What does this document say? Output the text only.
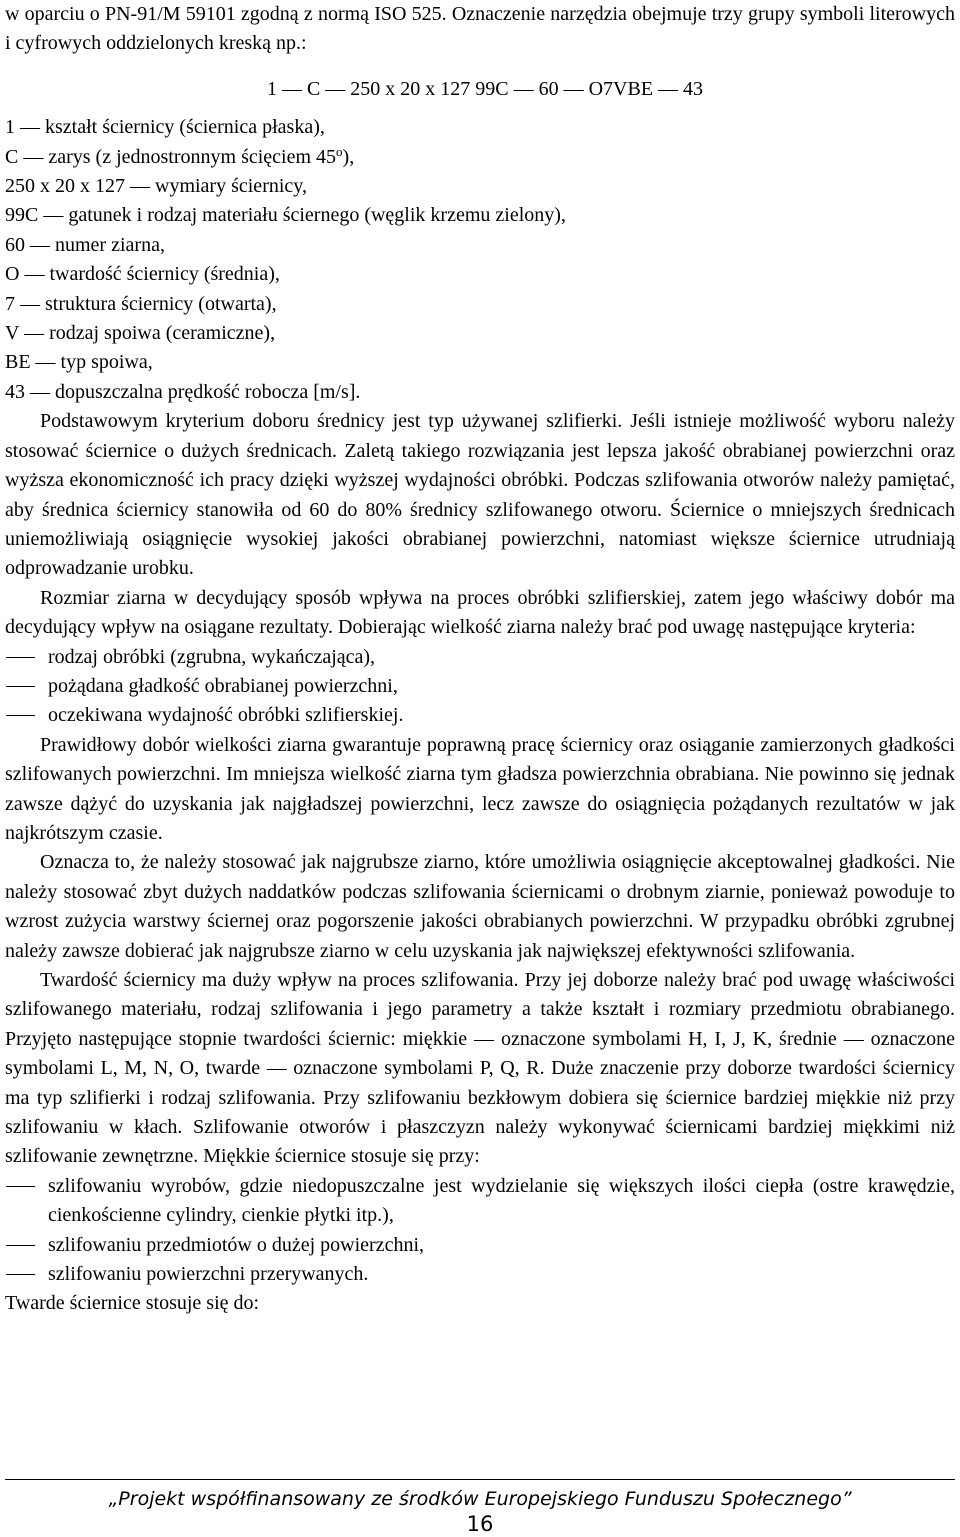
w oparciu o PN-91/M 59101 zgodną z normą ISO 525. Oznaczenie narzędzia obejmuje trzy grupy symboli literowych i cyfrowych oddzielonych kreską np.:

1 — C — 250 x 20 x 127 99C — 60 — O7VBE — 43

1 — kształt ściernicy (ściernica płaska),

C — zarys (z jednostronnym ścięciem 45$^o$),

250 x 20 x 127 — wymiary ściernicy,

99C — gatunek i rodzaj materiału ściernego (węglik krzemu zielony),

60 — numer ziarna,

O — twardość ściernicy (średnia),

7 — struktura ściernicy (otwarta),

V — rodzaj spoiwa (ceramiczne),

BE — typ spoiwa,

43 — dopuszczalna prędkość robocza [m/s].

Podstawowym kryterium doboru średnicy jest typ używanej szlifierki. Jeśli istnieje możliwość wyboru należy stosować ściernice o dużych średnicach. Zaletą takiego rozwiązania jest lepsza jakość obrabianej powierzchni oraz wyższa ekonomiczność ich pracy dzięki wyższej wydajności obróbki. Podczas szlifowania otworów należy pamiętać, aby średnica ściernicy stanowiła od 60 do 80% średnicy szlifowanego otworu. Ściernice o mniejszych średnicach uniemożliwiają osiągnięcie wysokiej jakości obrabianej powierzchni, natomiast większe ściernice utrudniają odprowadzanie urobku.

Rozmiar ziarna w decydujący sposób wpływa na proces obróbki szlifierskiej, zatem jego właściwy dobór ma decydujący wpływ na osiągane rezultaty. Dobierając wielkość ziarna należy brać pod uwagę następujące kryteria:

rodzaj obróbki (zgrubna, wykańczająca),

pożądana gładkość obrabianej powierzchni,

oczekiwana wydajność obróbki szlifierskiej.

Prawidłowy dobór wielkości ziarna gwarantuje poprawną pracę ściernicy oraz osiąganie zamierzonych gładkości szlifowanych powierzchni. Im mniejsza wielkość ziarna tym gładsza powierzchnia obrabiana. Nie powinno się jednak zawsze dążyć do uzyskania jak najgładszej powierzchni, lecz zawsze do osiągnięcia pożądanych rezultatów w jak najkrótszym czasie.

Oznacza to, że należy stosować jak najgrubsze ziarno, które umożliwia osiągnięcie akceptowalnej gładkości. Nie należy stosować zbyt dużych naddatków podczas szlifowania ściernicami o drobnym ziarnie, ponieważ powoduje to wzrost zużycia warstwy ściernej oraz pogorszenie jakości obrabianych powierzchni. W przypadku obróbki zgrubnej należy zawsze dobierać jak najgrubsze ziarno w celu uzyskania jak największej efektywności szlifowania.

Twardość ściernicy ma duży wpływ na proces szlifowania. Przy jej doborze należy brać pod uwagę właściwości szlifowanego materiału, rodzaj szlifowania i jego parametry a także kształt i rozmiary przedmiotu obrabianego. Przyjęto następujące stopnie twardości ściernic: miękkie — oznaczone symbolami H, I, J, K, średnie — oznaczone symbolami L, M, N, O, twarde — oznaczone symbolami P, Q, R. Duże znaczenie przy doborze twardości ściernicy ma typ szlifierki i rodzaj szlifowania. Przy szlifowaniu bezkłowym dobiera się ściernice bardziej miękkie niż przy szlifowaniu w kłach. Szlifowanie otworów i płaszczyzn należy wykonywać ściernicami bardziej miękkimi niż szlifowanie zewnętrzne. Miękkie ściernice stosuje się przy:

szlifowaniu wyrobów, gdzie niedopuszczalne jest wydzielanie się większych ilości ciepła (ostre krawędzie, cienkościenne cylindry, cienkie płytki itp.),

szlifowaniu przedmiotów o dużej powierzchni,

szlifowaniu powierzchni przerywanych.

Twarde ściernice stosuje się do:

„Projekt współfinansowany ze środków Europejskiego Funduszu Społecznego”
16
